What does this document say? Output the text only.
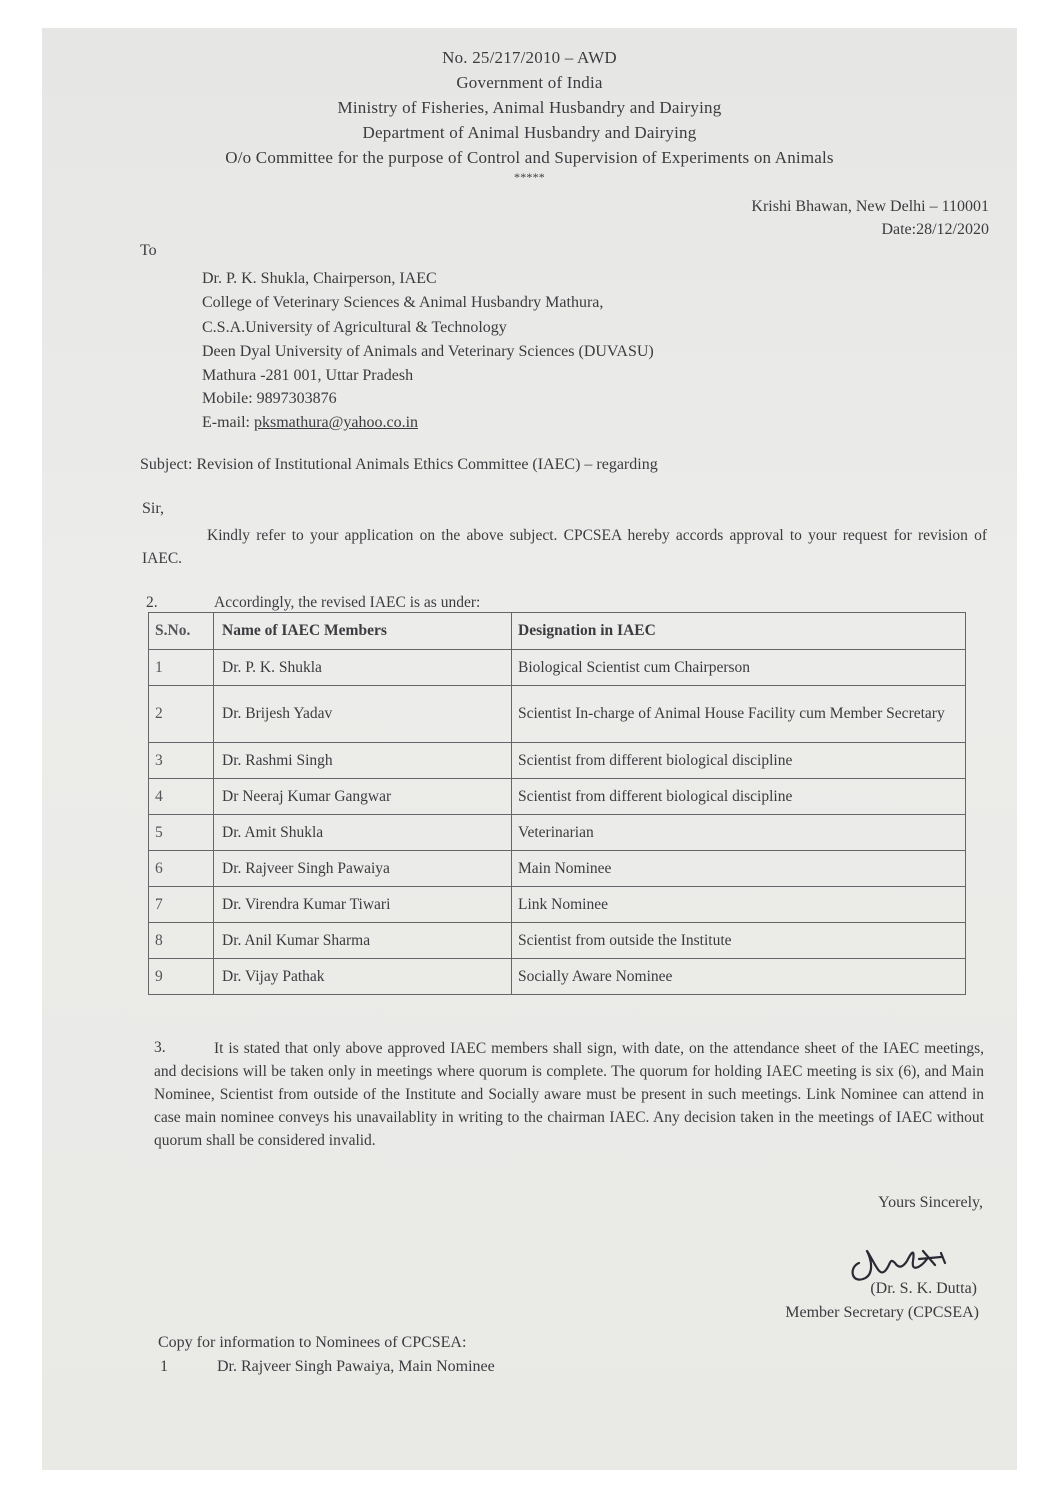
No. 25/217/2010 – AWD
Government of India
Ministry of Fisheries, Animal Husbandry and Dairying
Department of Animal Husbandry and Dairying
O/o Committee for the purpose of Control and Supervision of Experiments on Animals
*****
Krishi Bhawan, New Delhi – 110001
Date:28/12/2020
To
Dr. P. K. Shukla, Chairperson, IAEC
College of Veterinary Sciences & Animal Husbandry Mathura,
C.S.A.University of Agricultural & Technology
Deen Dyal University of Animals and Veterinary Sciences (DUVASU)
Mathura -281 001, Uttar Pradesh
Mobile: 9897303876
E-mail: pksmathura@yahoo.co.in
Subject: Revision of Institutional Animals Ethics Committee (IAEC) – regarding
Sir,
Kindly refer to your application on the above subject. CPCSEA hereby accords approval to your request for revision of IAEC.
2.	Accordingly, the revised IAEC is as under:
S.No.	Name of IAEC Members	Designation in IAEC
1	Dr. P. K. Shukla	Biological Scientist cum Chairperson
2	Dr. Brijesh Yadav	Scientist In-charge of Animal House Facility cum Member Secretary
3	Dr. Rashmi Singh	Scientist from different biological discipline
4	Dr Neeraj Kumar Gangwar	Scientist from different biological discipline
5	Dr. Amit Shukla	Veterinarian
6	Dr. Rajveer Singh Pawaiya	Main Nominee
7	Dr. Virendra Kumar Tiwari	Link Nominee
8	Dr. Anil Kumar Sharma	Scientist from outside the Institute
9	Dr. Vijay Pathak	Socially Aware Nominee
3.	It is stated that only above approved IAEC members shall sign, with date, on the attendance sheet of the IAEC meetings, and decisions will be taken only in meetings where quorum is complete. The quorum for holding IAEC meeting is six (6), and Main Nominee, Scientist from outside of the Institute and Socially aware must be present in such meetings. Link Nominee can attend in case main nominee conveys his unavailablity in writing to the chairman IAEC. Any decision taken in the meetings of IAEC without quorum shall be considered invalid.
Yours Sincerely,
(Dr. S. K. Dutta)
Member Secretary (CPCSEA)
Copy for information to Nominees of CPCSEA:
1	Dr. Rajveer Singh Pawaiya, Main Nominee
